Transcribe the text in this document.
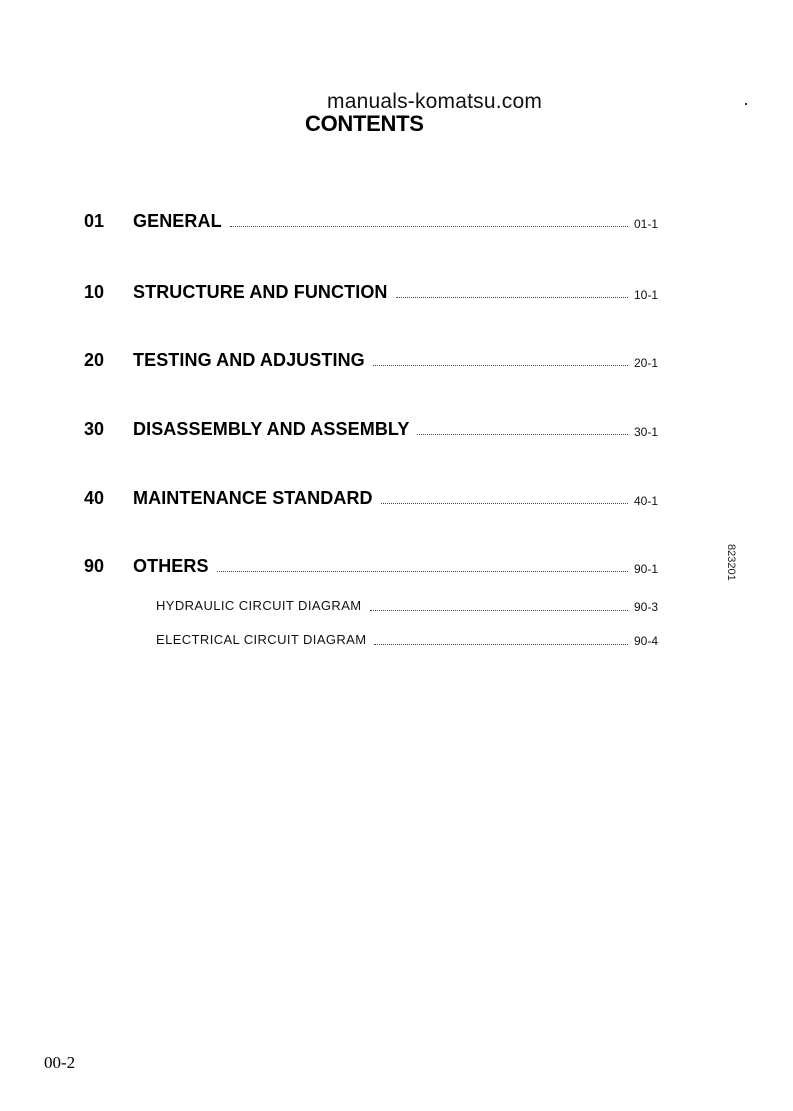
manuals-komatsu.com
CONTENTS
01	GENERAL	01-1
10	STRUCTURE AND FUNCTION	10-1
20	TESTING AND ADJUSTING	20-1
30	DISASSEMBLY AND ASSEMBLY	30-1
40	MAINTENANCE STANDARD	40-1
90	OTHERS	90-1
HYDRAULIC CIRCUIT DIAGRAM	90-3
ELECTRICAL CIRCUIT DIAGRAM	90-4
823201
00-2
